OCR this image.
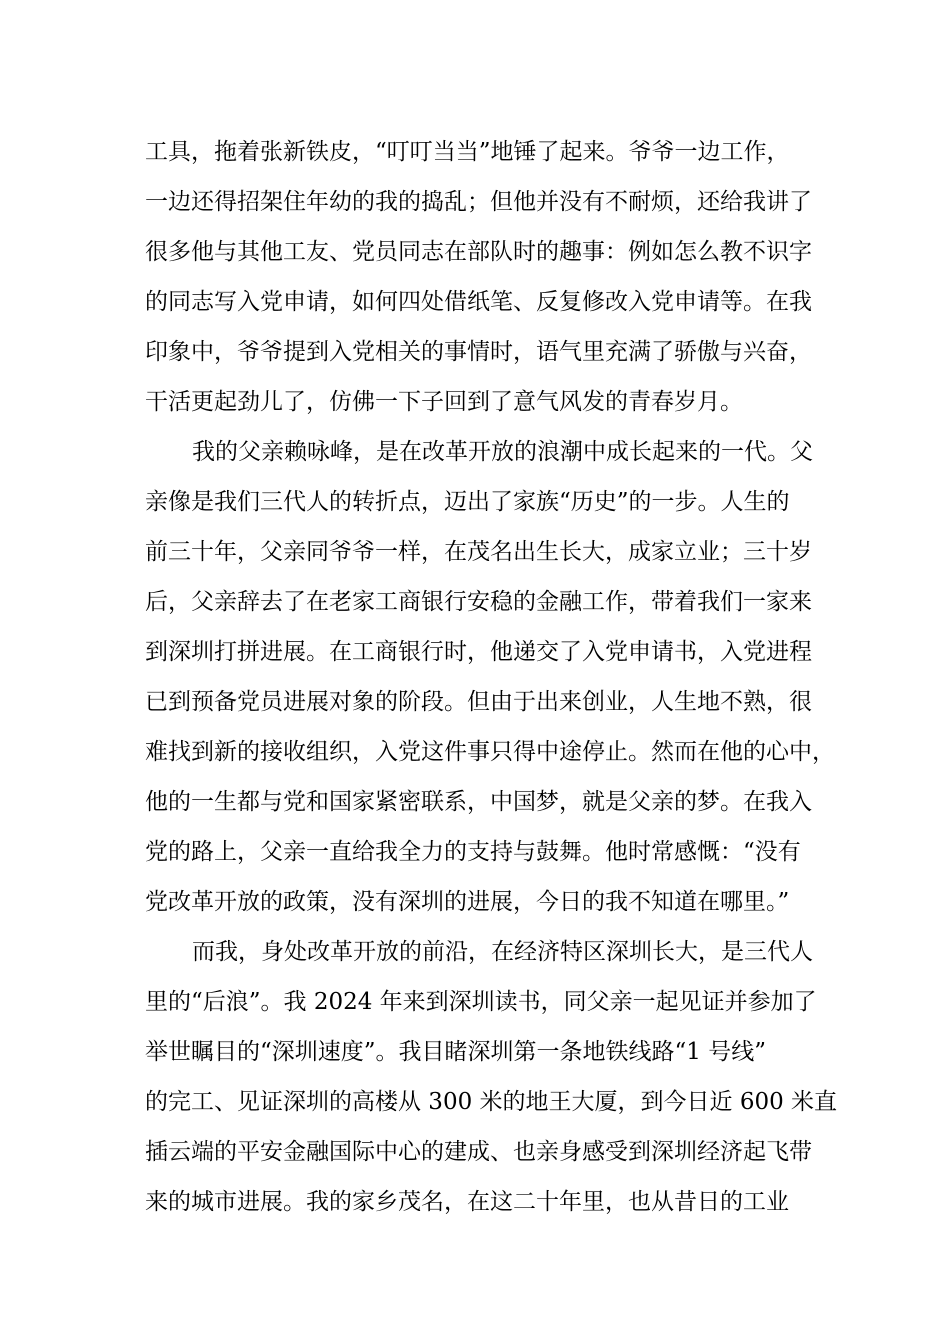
工具，拖着张新铁皮，“叮叮当当”地锤了起来。爷爷一边工作，
一边还得招架住年幼的我的捣乱；但他并没有不耐烦，还给我讲了
很多他与其他工友、党员同志在部队时的趣事：例如怎么教不识字
的同志写入党申请，如何四处借纸笔、反复修改入党申请等。在我
印象中，爷爷提到入党相关的事情时，语气里充满了骄傲与兴奋，
干活更起劲儿了，仿佛一下子回到了意气风发的青春岁月。
我的父亲赖咏峰，是在改革开放的浪潮中成长起来的一代。父
亲像是我们三代人的转折点，迈出了家族“历史”的一步。人生的
前三十年，父亲同爷爷一样，在茂名出生长大，成家立业；三十岁
后，父亲辞去了在老家工商银行安稳的金融工作，带着我们一家来
到深圳打拼进展。在工商银行时，他递交了入党申请书，入党进程
已到预备党员进展对象的阶段。但由于出来创业，人生地不熟，很
难找到新的接收组织，入党这件事只得中途停止。然而在他的心中，
他的一生都与党和国家紧密联系，中国梦，就是父亲的梦。在我入
党的路上，父亲一直给我全力的支持与鼓舞。他时常感慨：“没有
党改革开放的政策，没有深圳的进展，今日的我不知道在哪里。”
而我，身处改革开放的前沿，在经济特区深圳长大，是三代人
里的“后浪”。我 2024 年来到深圳读书，同父亲一起见证并参加了
举世瞩目的“深圳速度”。我目睹深圳第一条地铁线路“1 号线”
的完工、见证深圳的高楼从 300 米的地王大厦，到今日近 600 米直
插云端的平安金融国际中心的建成、也亲身感受到深圳经济起飞带
来的城市进展。我的家乡茂名，在这二十年里，也从昔日的工业
